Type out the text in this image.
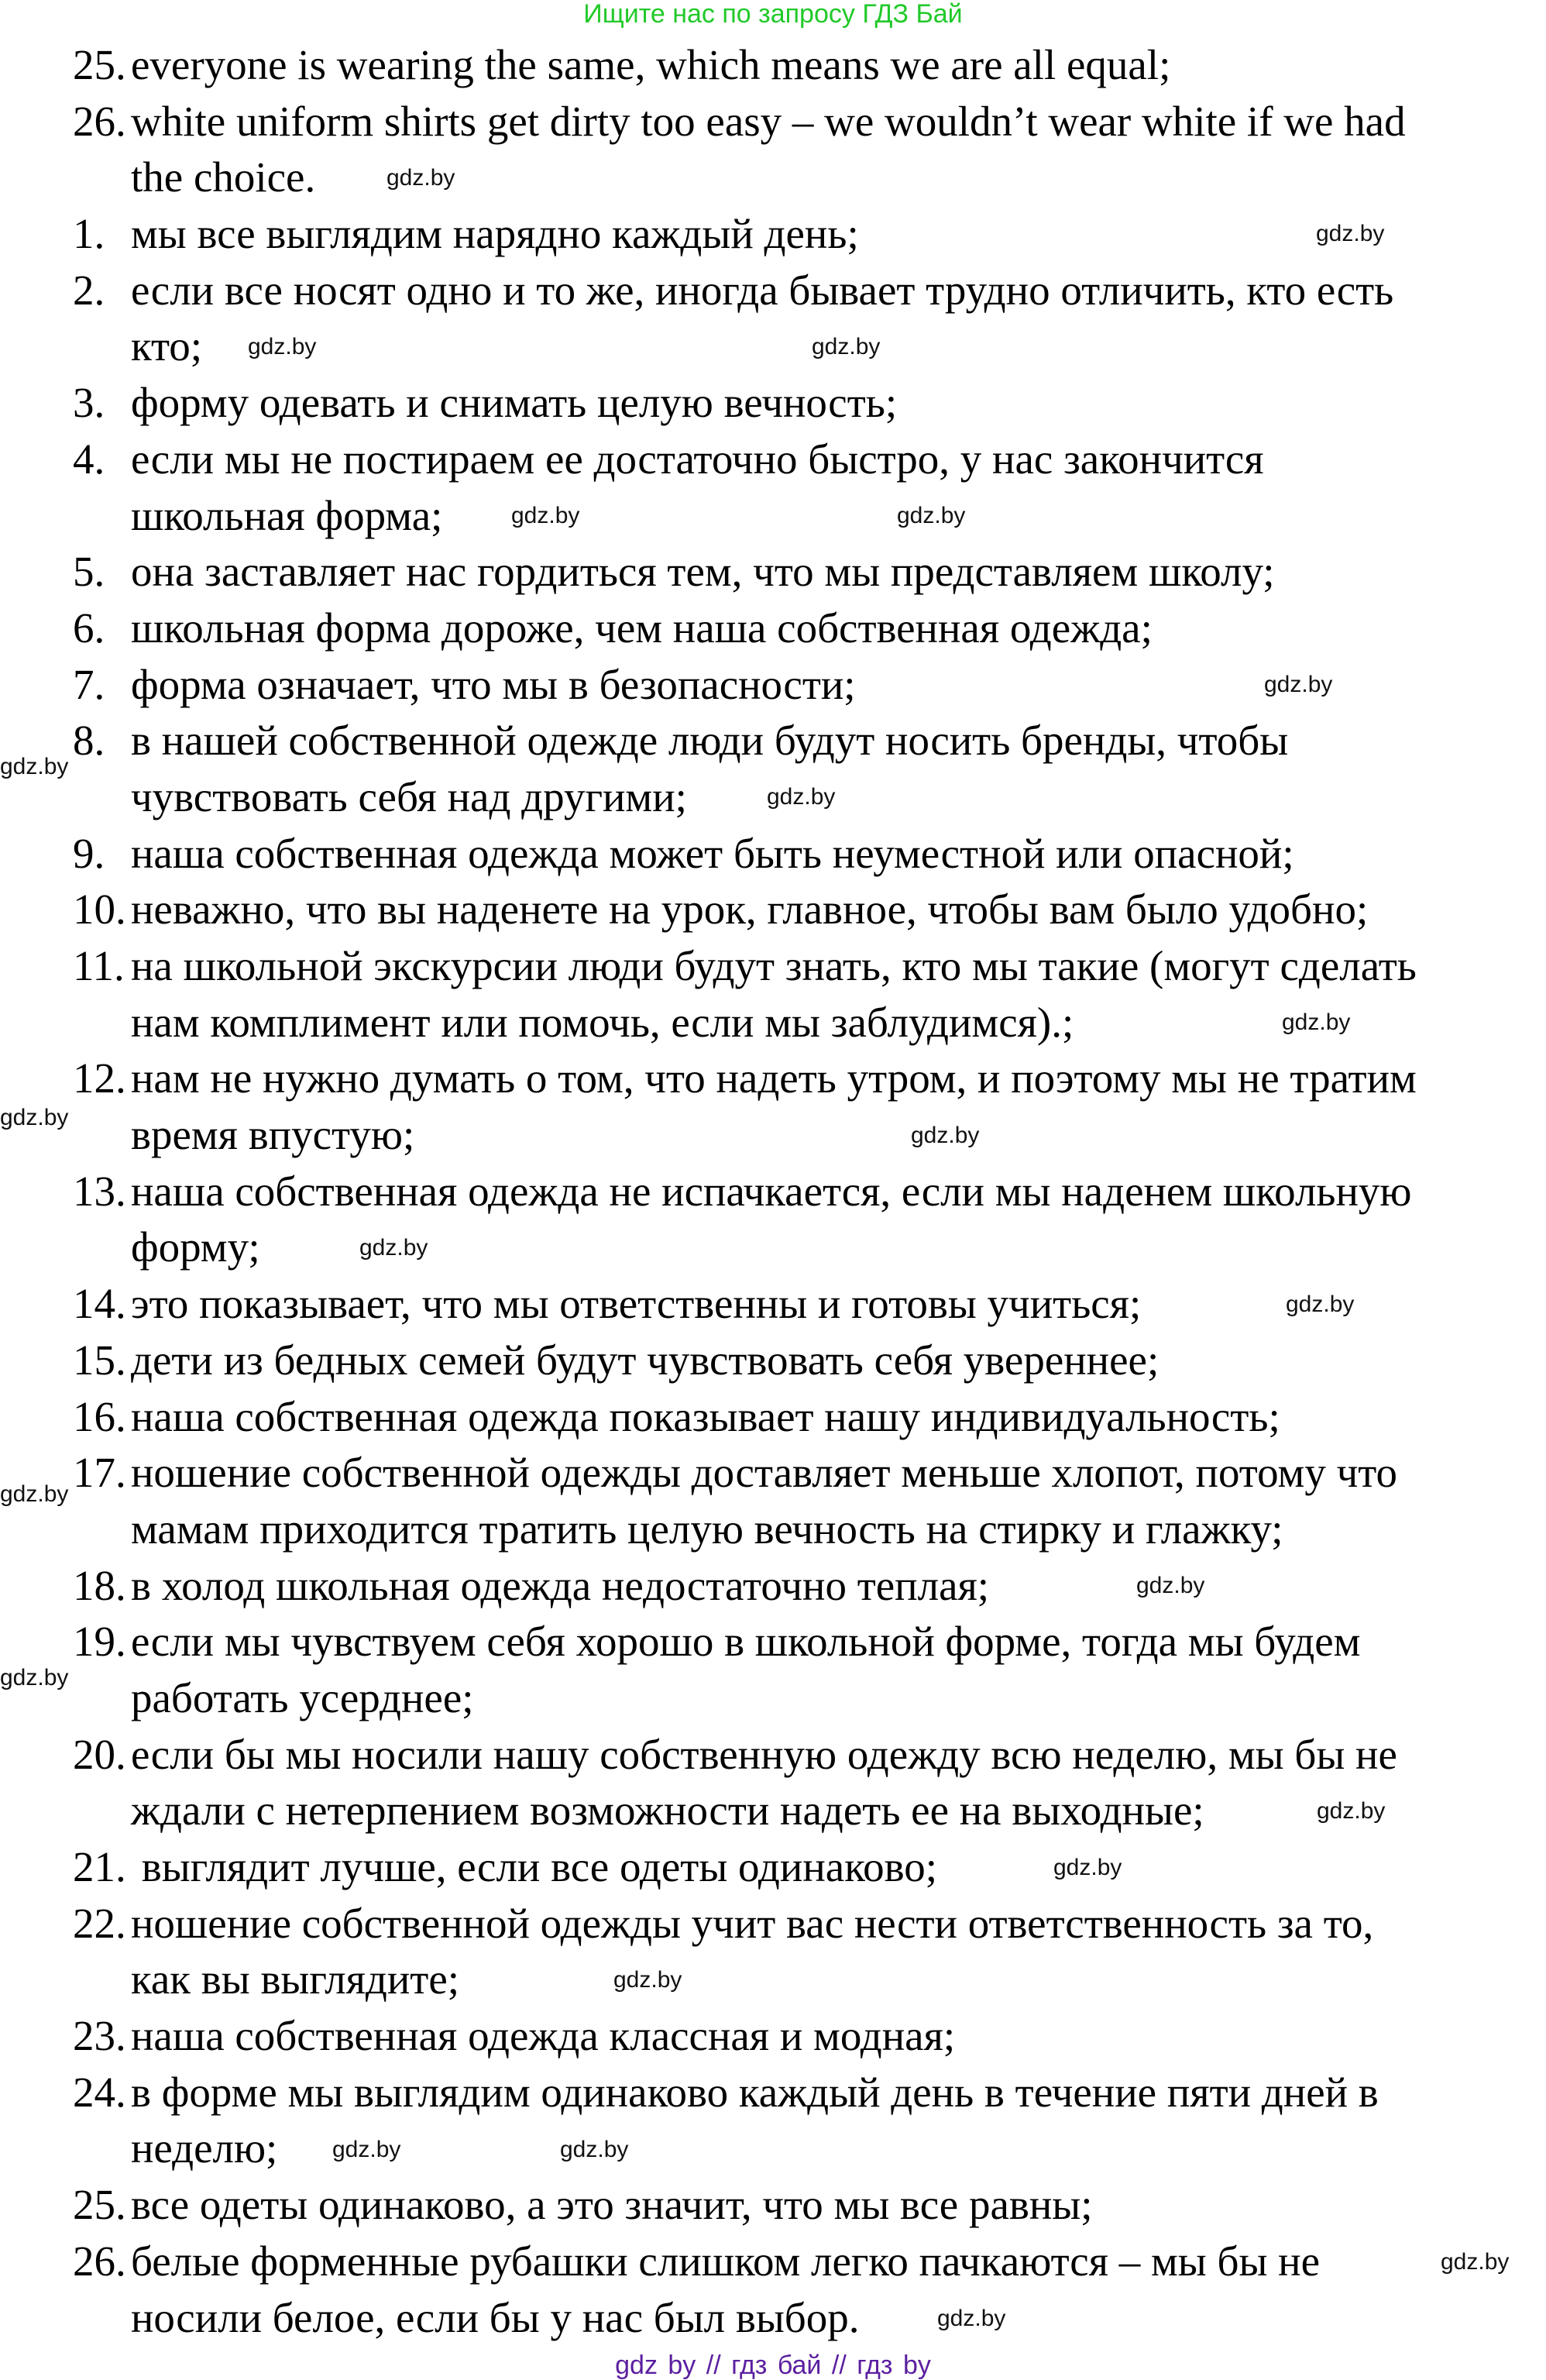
Ищите нас по запросу ГДЗ Бай
25. everyone is wearing the same, which means we are all equal;
26. white uniform shirts get dirty too easy – we wouldn’t wear white if we had
the choice.
1. мы все выглядим нарядно каждый день;
2. если все носят одно и то же, иногда бывает трудно отличить, кто есть
кто;
3. форму одевать и снимать целую вечность;
4. если мы не постираем ее достаточно быстро, у нас закончится
школьная форма;
5. она заставляет нас гордиться тем, что мы представляем школу;
6. школьная форма дороже, чем наша собственная одежда;
7. форма означает, что мы в безопасности;
8. в нашей собственной одежде люди будут носить бренды, чтобы
чувствовать себя над другими;
9. наша собственная одежда может быть неуместной или опасной;
10. неважно, что вы наденете на урок, главное, чтобы вам было удобно;
11. на школьной экскурсии люди будут знать, кто мы такие (могут сделать
нам комплимент или помочь, если мы заблудимся).;
12. нам не нужно думать о том, что надеть утром, и поэтому мы не тратим
время впустую;
13. наша собственная одежда не испачкается, если мы наденем школьную
форму;
14. это показывает, что мы ответственны и готовы учиться;
15. дети из бедных семей будут чувствовать себя увереннее;
16. наша собственная одежда показывает нашу индивидуальность;
17. ношение собственной одежды доставляет меньше хлопот, потому что
мамам приходится тратить целую вечность на стирку и глажку;
18. в холод школьная одежда недостаточно теплая;
19. если мы чувствуем себя хорошо в школьной форме, тогда мы будем
работать усерднее;
20. если бы мы носили нашу собственную одежду всю неделю, мы бы не
ждали с нетерпением возможности надеть ее на выходные;
21. выглядит лучше, если все одеты одинаково;
22. ношение собственной одежды учит вас нести ответственность за то,
как вы выглядите;
23. наша собственная одежда классная и модная;
24. в форме мы выглядим одинаково каждый день в течение пяти дней в
неделю;
25. все одеты одинаково, а это значит, что мы все равны;
26. белые форменные рубашки слишком легко пачкаются – мы бы не
носили белое, если бы у нас был выбор.
gdz.by
gdz.by
gdz.by
gdz.by
gdz.by	gdz.by
gdz.by
gdz.by
gdz.by
gdz.by
gdz.by
gdz.by
gdz.by
gdz.by
gdz.by
gdz.by
gdz.by
gdz.by
gdz.by
gdz.by
gdz.by
gdz.by
gdz.by
gdz.by
gdz by // гдз бай // гдз by
